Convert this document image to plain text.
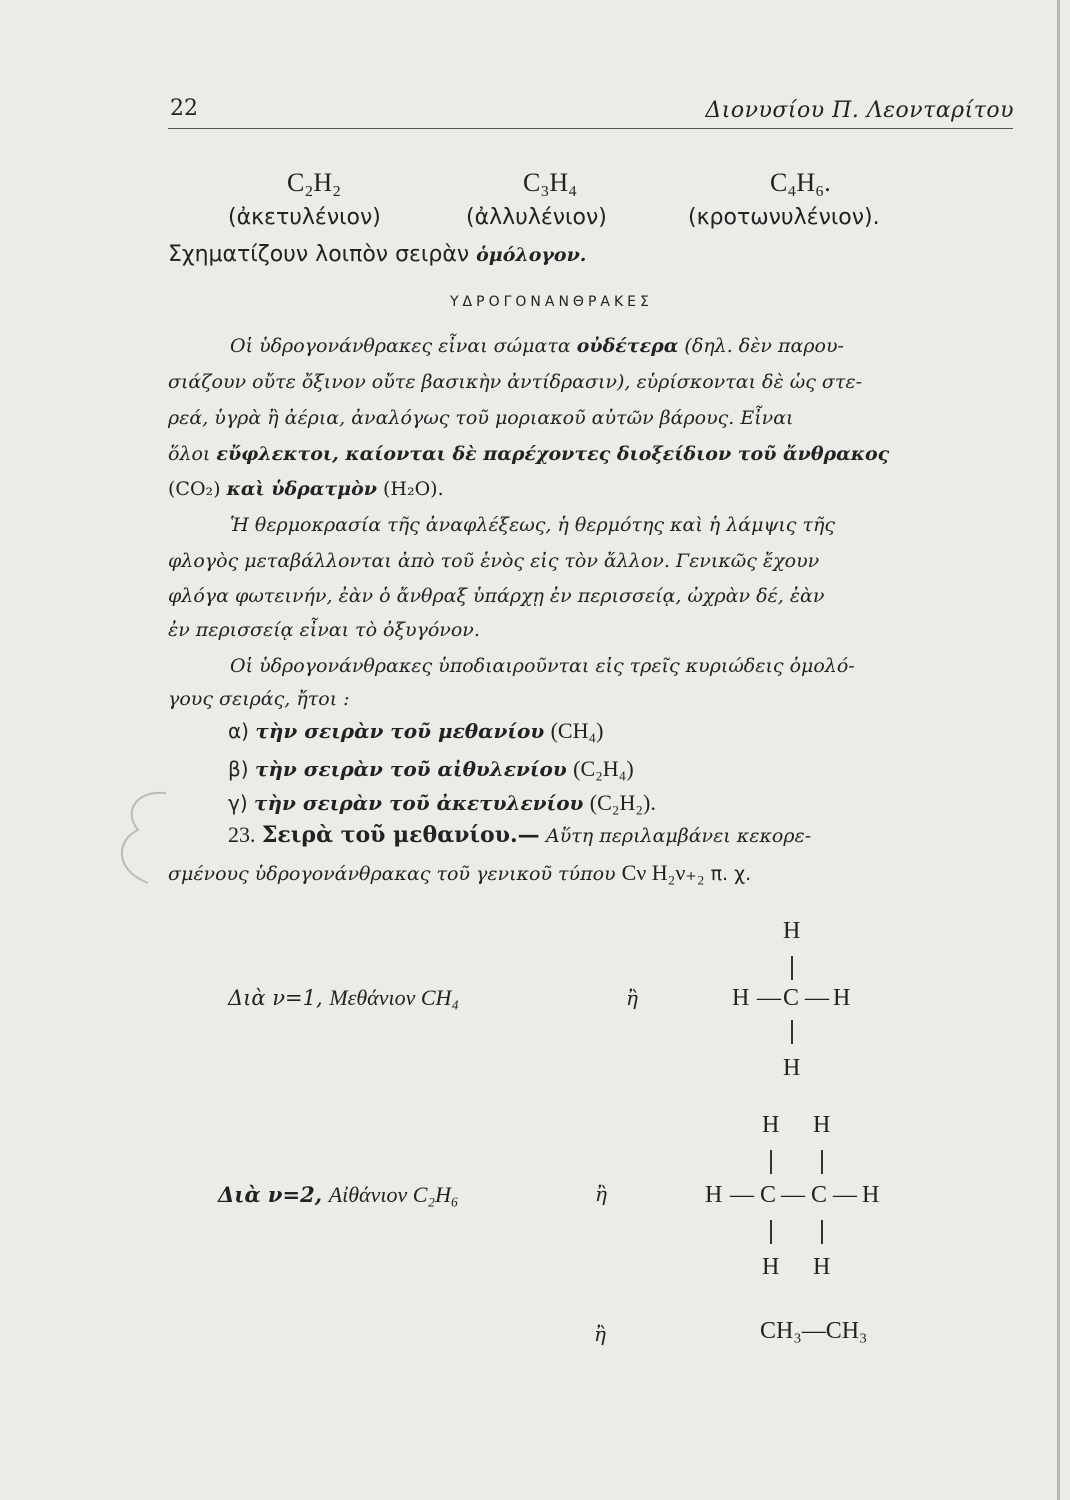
22	Διονυσίου Π. Λεονταρίτου
C₂H₂	C₃H₄	C₄H₆.
(ἀκετυλένιον)	(ἀλλυλένιον)	(κροτωνυλένιον).
Σχηματίζουν λοιπὸν σειρὰν ὁμόλογον.
ΥΔΡΟΓΟΝΑΝΘΡΑΚΕΣ
Οἱ ὑδρογονάνθρακες εἶναι σώματα οὐδέτερα (δηλ. δὲν παρου-
σιάζουν οὔτε ὄξινον οὔτε βασικὴν ἀντίδρασιν), εὑρίσκονται δὲ ὡς στε-
ρεά, ὑγρὰ ἢ ἀέρια, ἀναλόγως τοῦ μοριακοῦ αὐτῶν βάρους. Εἶναι
ὅλοι εὔφλεκτοι, καίονται δὲ παρέχοντες διοξείδιον τοῦ ἄνθρακος
(CO₂) καὶ ὑδρατμὸν (H₂O).
Ἡ θερμοκρασία τῆς ἀναφλέξεως, ἡ θερμότης καὶ ἡ λάμψις τῆς
φλογὸς μεταβάλλονται ἀπὸ τοῦ ἑνὸς εἰς τὸν ἄλλον. Γενικῶς ἔχουν
φλόγα φωτεινήν, ἐὰν ὁ ἄνθραξ ὑπάρχῃ ἐν περισσείᾳ, ὠχρὰν δέ, ἐὰν
ἐν περισσείᾳ εἶναι τὸ ὀξυγόνον.
Οἱ ὑδρογονάνθρακες ὑποδιαιροῦνται εἰς τρεῖς κυριώδεις ὁμολό-
γους σειράς, ἤτοι :
α) τὴν σειρὰν τοῦ μεθανίου (CH₄)
β) τὴν σειρὰν τοῦ αἰθυλενίου (C₂H₄)
γ) τὴν σειρὰν τοῦ ἀκετυλενίου (C₂H₂).
23. Σειρὰ τοῦ μεθανίου.— Αὕτη περιλαμβάνει κεκορε-
σμένους ὑδρογονάνθρακας τοῦ γενικοῦ τύπου Cν H₂ν₊₂ π. χ.
H
Διὰ ν=1, Μεθάνιον CH₄	ἢ	H — C — H
H
H H
Διὰ ν=2, Αἰθάνιον C₂H₆	ἢ	H — C — C — H
H H
ἢ	CH₃—CH₃
